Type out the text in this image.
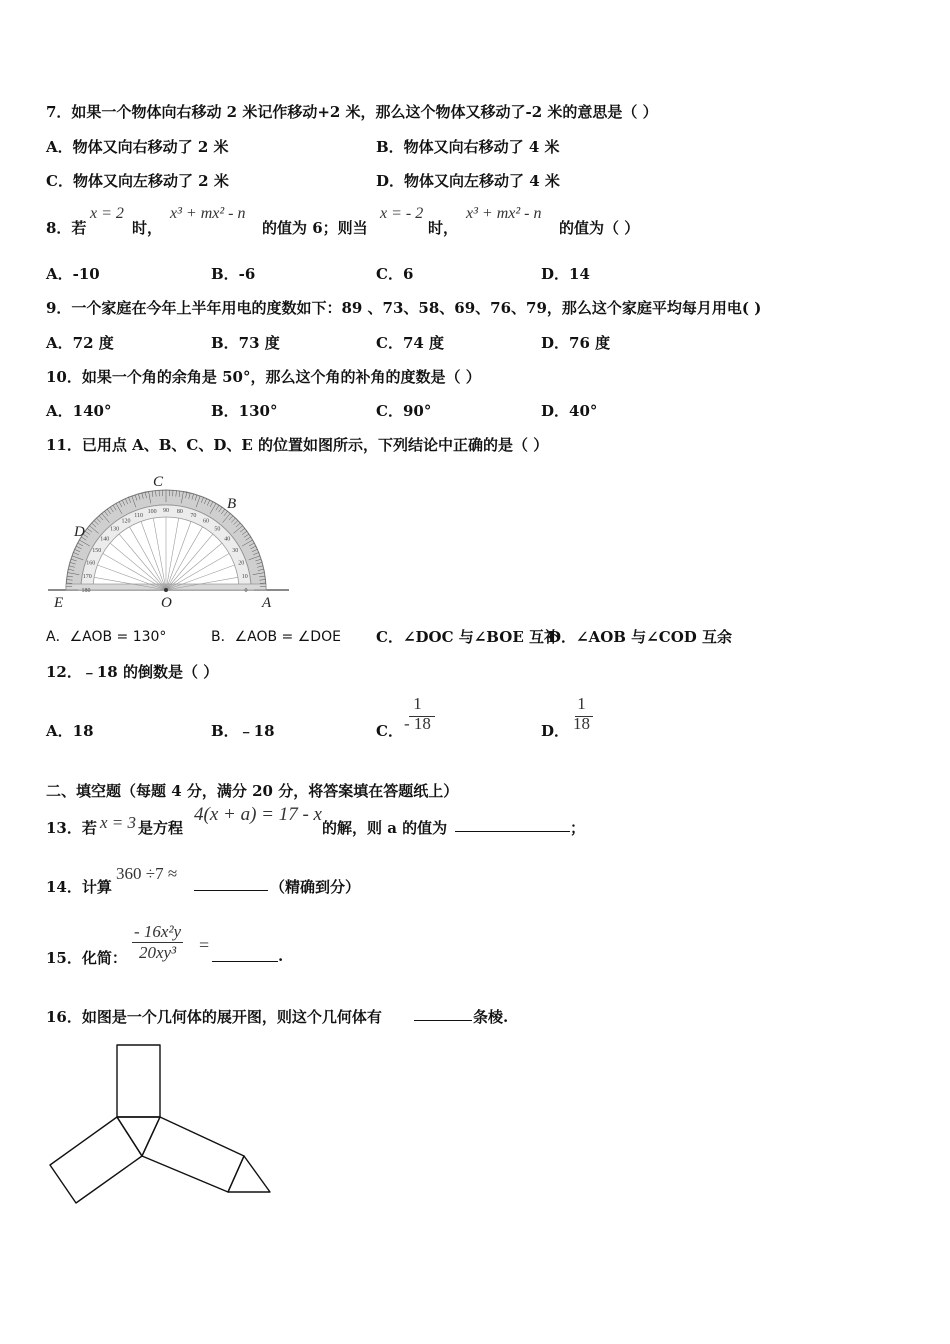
7．如果一个物体向右移动 2 米记作移动+2 米，那么这个物体又移动了-2 米的意思是（ ）
A．物体又向右移动了 2 米	B．物体又向右移动了 4 米
C．物体又向左移动了 2 米	D．物体又向左移动了 4 米
8．若
x = 2
时，
x³ + mx² - n
的值为 6；则当
x = - 2
时，
x³ + mx² - n
的值为（ ）
A．-10	B．-6	C．6	D．14
9．一个家庭在今年上半年用电的度数如下：89 、73、58、69、76、79，那么这个家庭平均每月用电( )
A．72 度	B．73 度	C．74 度	D．76 度
10．如果一个角的余角是 50°，那么这个角的补角的度数是（ ）
A．140°	B．130°	C．90°	D．40°
11．已用点 A、B、C、D、E 的位置如图所示，下列结论中正确的是（ ）
0
10
20
30
40
50
60
70
80
90
100
110
120
130
140
150
160
170
180
C
B
D
E	O	A
A．∠AOB = 130°	B．∠AOB = ∠DOE C．∠DOC 与∠BOE 互补
D．∠AOB 与∠COD 互余
12．﹣18 的倒数是（ ）
A．18	B．﹣18	C．
1
- 18	D．
1
18
二、填空题（每题 4 分，满分 20 分，将答案填在答题纸上）
13．若 x = 3 是方程
4(x + a) = 17 - x
的解，则 a 的值为	；
14．计算
360 ÷7 ≈
（精确到分）
15．化简： $\frac{\text{- 16x²y}}{\text{20xy³}}$ =
.
16．如图是一个几何体的展开图，则这个几何体有	条棱.
